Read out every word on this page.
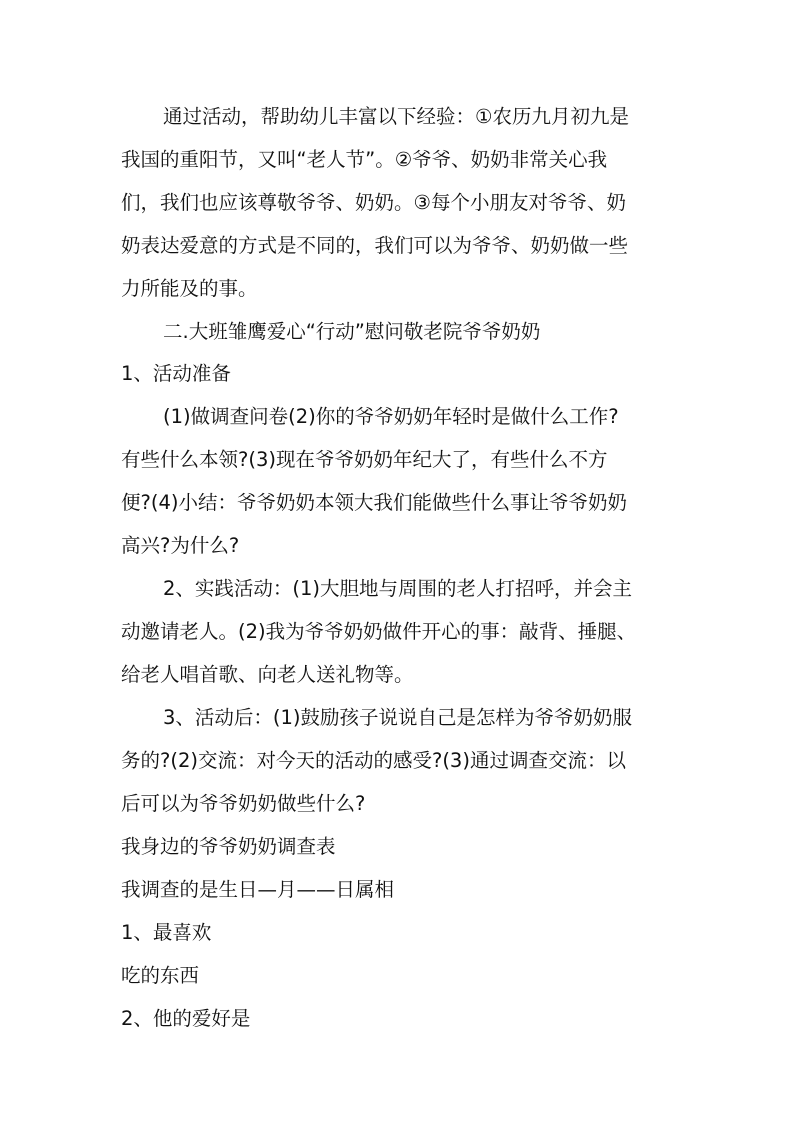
通过活动，帮助幼儿丰富以下经验：①农历九月初九是
我国的重阳节，又叫“老人节”。②爷爷、奶奶非常关心我
们，我们也应该尊敬爷爷、奶奶。③每个小朋友对爷爷、奶
奶表达爱意的方式是不同的，我们可以为爷爷、奶奶做一些
力所能及的事。
二.大班雏鹰爱心“行动”慰问敬老院爷爷奶奶
1、活动准备
(1)做调查问卷(2)你的爷爷奶奶年轻时是做什么工作?
有些什么本领?(3)现在爷爷奶奶年纪大了，有些什么不方
便?(4)小结：爷爷奶奶本领大我们能做些什么事让爷爷奶奶
高兴?为什么?
2、实践活动：(1)大胆地与周围的老人打招呼，并会主
动邀请老人。(2)我为爷爷奶奶做件开心的事：敲背、捶腿、
给老人唱首歌、向老人送礼物等。
3、活动后：(1)鼓励孩子说说自己是怎样为爷爷奶奶服
务的?(2)交流：对今天的活动的感受?(3)通过调查交流：以
后可以为爷爷奶奶做些什么?
我身边的爷爷奶奶调查表
我调查的是生日—月——日属相
1、最喜欢
吃的东西
2、他的爱好是
